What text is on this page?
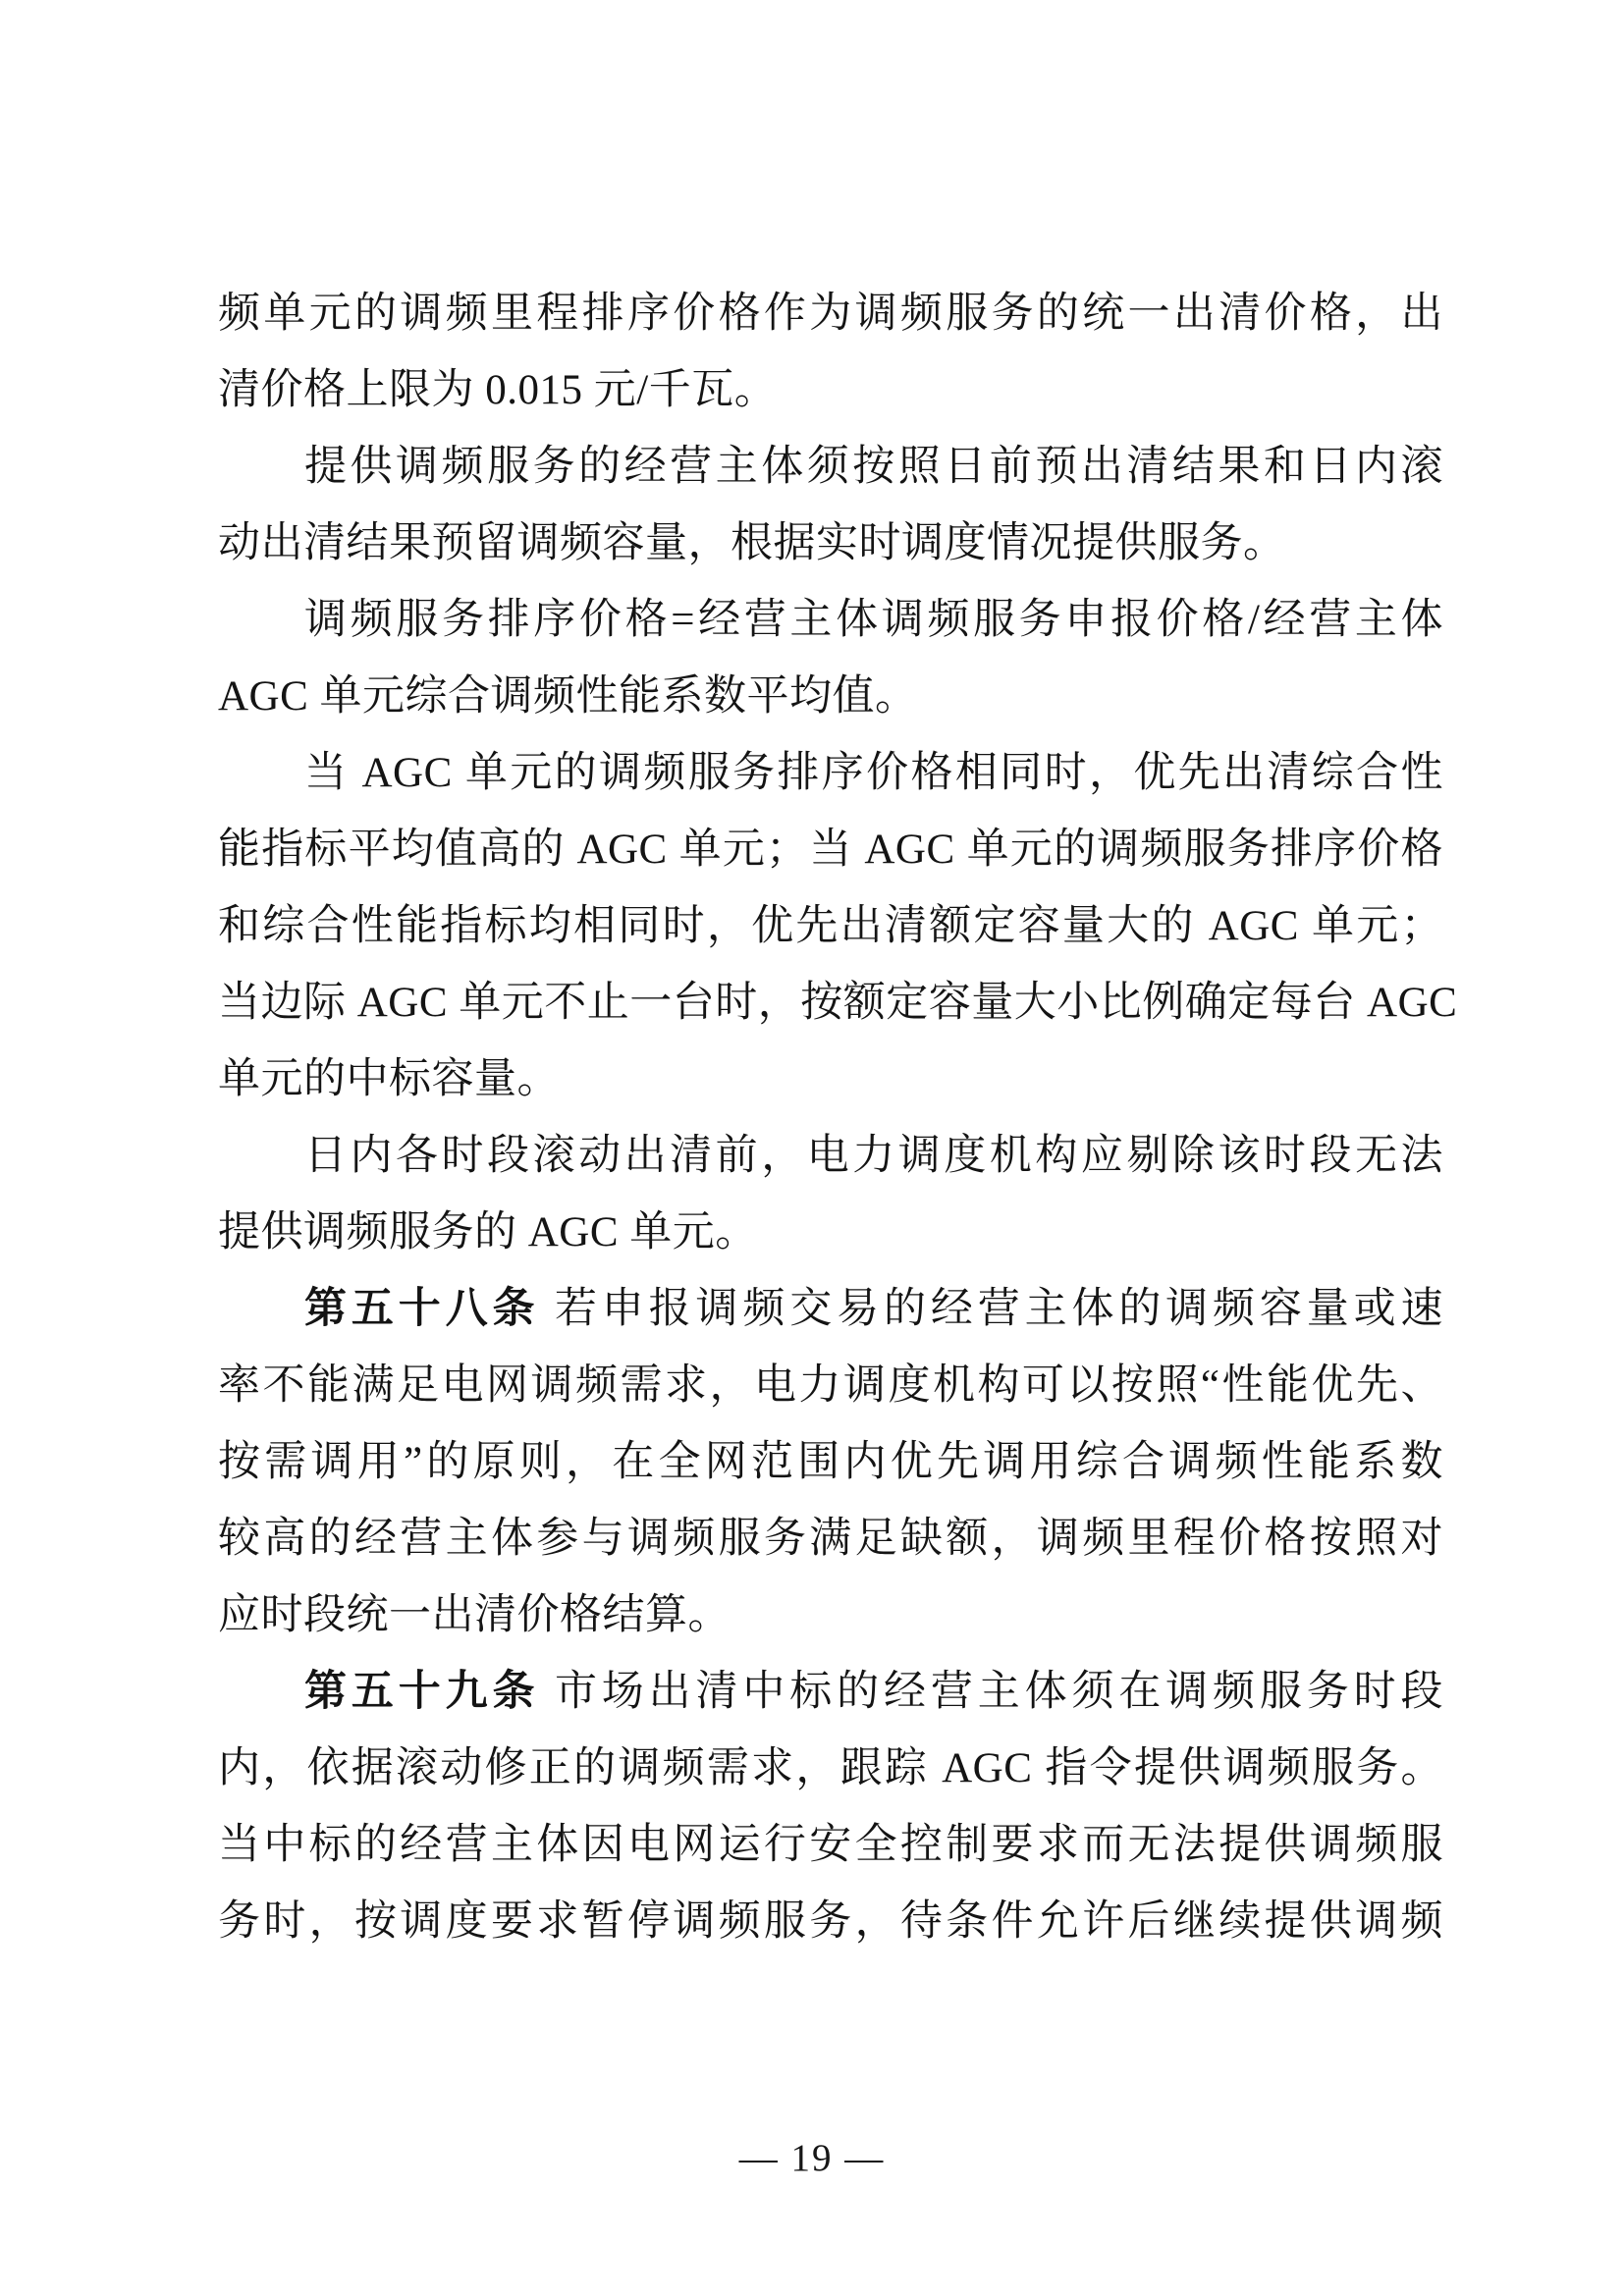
频单元的调频里程排序价格作为调频服务的统一出清价格，出
清价格上限为 0.015 元/千瓦。
提供调频服务的经营主体须按照日前预出清结果和日内滚
动出清结果预留调频容量，根据实时调度情况提供服务。
调频服务排序价格=经营主体调频服务申报价格/经营主体
AGC 单元综合调频性能系数平均值。
当 AGC 单元的调频服务排序价格相同时，优先出清综合性
能指标平均值高的 AGC 单元；当 AGC 单元的调频服务排序价格
和综合性能指标均相同时，优先出清额定容量大的 AGC 单元；
当边际 AGC 单元不止一台时，按额定容量大小比例确定每台 AGC
单元的中标容量。
日内各时段滚动出清前，电力调度机构应剔除该时段无法
提供调频服务的 AGC 单元。
第五十八条 若申报调频交易的经营主体的调频容量或速
率不能满足电网调频需求，电力调度机构可以按照“性能优先、
按需调用”的原则，在全网范围内优先调用综合调频性能系数
较高的经营主体参与调频服务满足缺额，调频里程价格按照对
应时段统一出清价格结算。
第五十九条 市场出清中标的经营主体须在调频服务时段
内，依据滚动修正的调频需求，跟踪 AGC 指令提供调频服务。
当中标的经营主体因电网运行安全控制要求而无法提供调频服
务时，按调度要求暂停调频服务，待条件允许后继续提供调频
— 19 —
